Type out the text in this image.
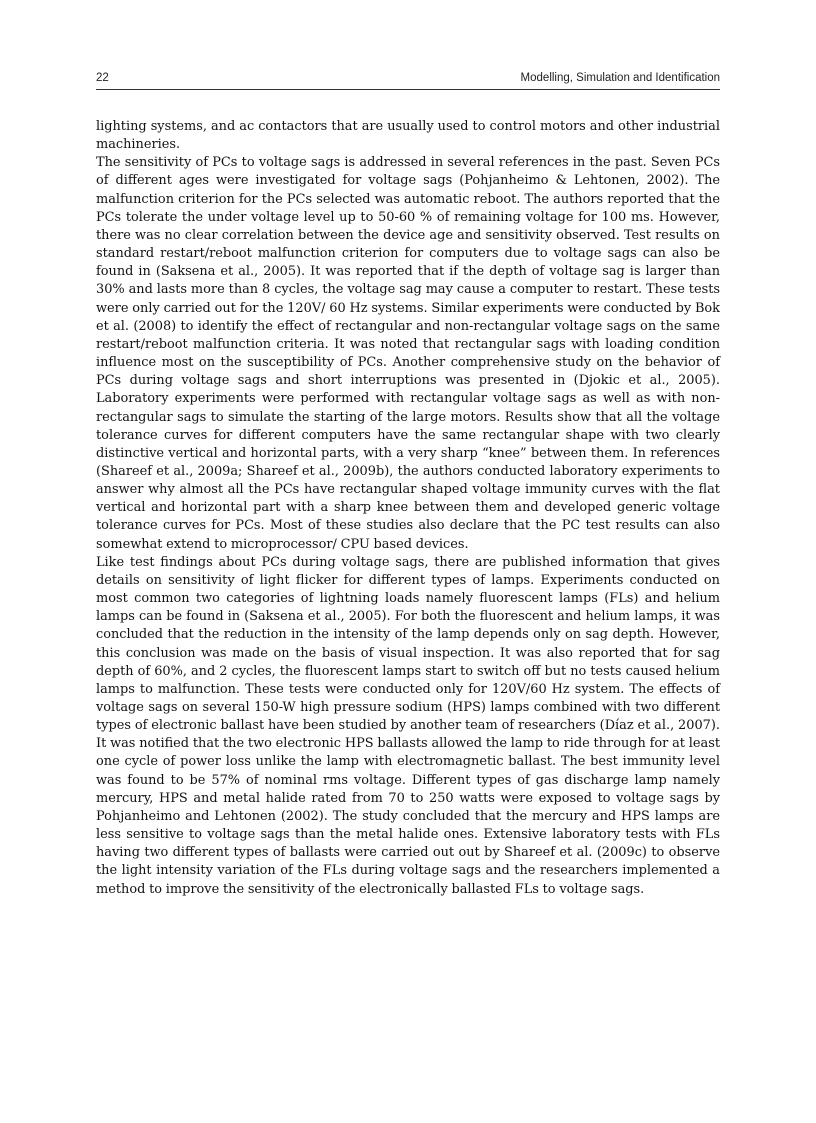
22	Modelling, Simulation and Identification

lighting systems, and ac contactors that are usually used to control motors and other industrial machineries.

The sensitivity of PCs to voltage sags is addressed in several references in the past. Seven PCs of different ages were investigated for voltage sags (Pohjanheimo & Lehtonen, 2002). The malfunction criterion for the PCs selected was automatic reboot. The authors reported that the PCs tolerate the under voltage level up to 50-60 % of remaining voltage for 100 ms. However, there was no clear correlation between the device age and sensitivity observed. Test results on standard restart/reboot malfunction criterion for computers due to voltage sags can also be found in (Saksena et al., 2005). It was reported that if the depth of voltage sag is larger than 30% and lasts more than 8 cycles, the voltage sag may cause a computer to restart. These tests were only carried out for the 120V/ 60 Hz systems. Similar experiments were conducted by Bok et al. (2008) to identify the effect of rectangular and non-rectangular voltage sags on the same restart/reboot malfunction criteria. It was noted that rectangular sags with loading condition influence most on the susceptibility of PCs. Another comprehensive study on the behavior of PCs during voltage sags and short interruptions was presented in (Djokic et al., 2005). Laboratory experiments were performed with rectangular voltage sags as well as with non-rectangular sags to simulate the starting of the large motors. Results show that all the voltage tolerance curves for different computers have the same rectangular shape with two clearly distinctive vertical and horizontal parts, with a very sharp “knee” between them. In references (Shareef et al., 2009a; Shareef et al., 2009b), the authors conducted laboratory experiments to answer why almost all the PCs have rectangular shaped voltage immunity curves with the flat vertical and horizontal part with a sharp knee between them and developed generic voltage tolerance curves for PCs. Most of these studies also declare that the PC test results can also somewhat extend to microprocessor/ CPU based devices.

Like test findings about PCs during voltage sags, there are published information that gives details on sensitivity of light flicker for different types of lamps. Experiments conducted on most common two categories of lightning loads namely fluorescent lamps (FLs) and helium lamps can be found in (Saksena et al., 2005). For both the fluorescent and helium lamps, it was concluded that the reduction in the intensity of the lamp depends only on sag depth. However, this conclusion was made on the basis of visual inspection. It was also reported that for sag depth of 60%, and 2 cycles, the fluorescent lamps start to switch off but no tests caused helium lamps to malfunction. These tests were conducted only for 120V/60 Hz system. The effects of voltage sags on several 150-W high pressure sodium (HPS) lamps combined with two different types of electronic ballast have been studied by another team of researchers (Díaz et al., 2007). It was notified that the two electronic HPS ballasts allowed the lamp to ride through for at least one cycle of power loss unlike the lamp with electromagnetic ballast. The best immunity level was found to be 57% of nominal rms voltage. Different types of gas discharge lamp namely mercury, HPS and metal halide rated from 70 to 250 watts were exposed to voltage sags by Pohjanheimo and Lehtonen (2002). The study concluded that the mercury and HPS lamps are less sensitive to voltage sags than the metal halide ones. Extensive laboratory tests with FLs having two different types of ballasts were carried out out by Shareef et al. (2009c) to observe the light intensity variation of the FLs during voltage sags and the researchers implemented a method to improve the sensitivity of the electronically ballasted FLs to voltage sags.
